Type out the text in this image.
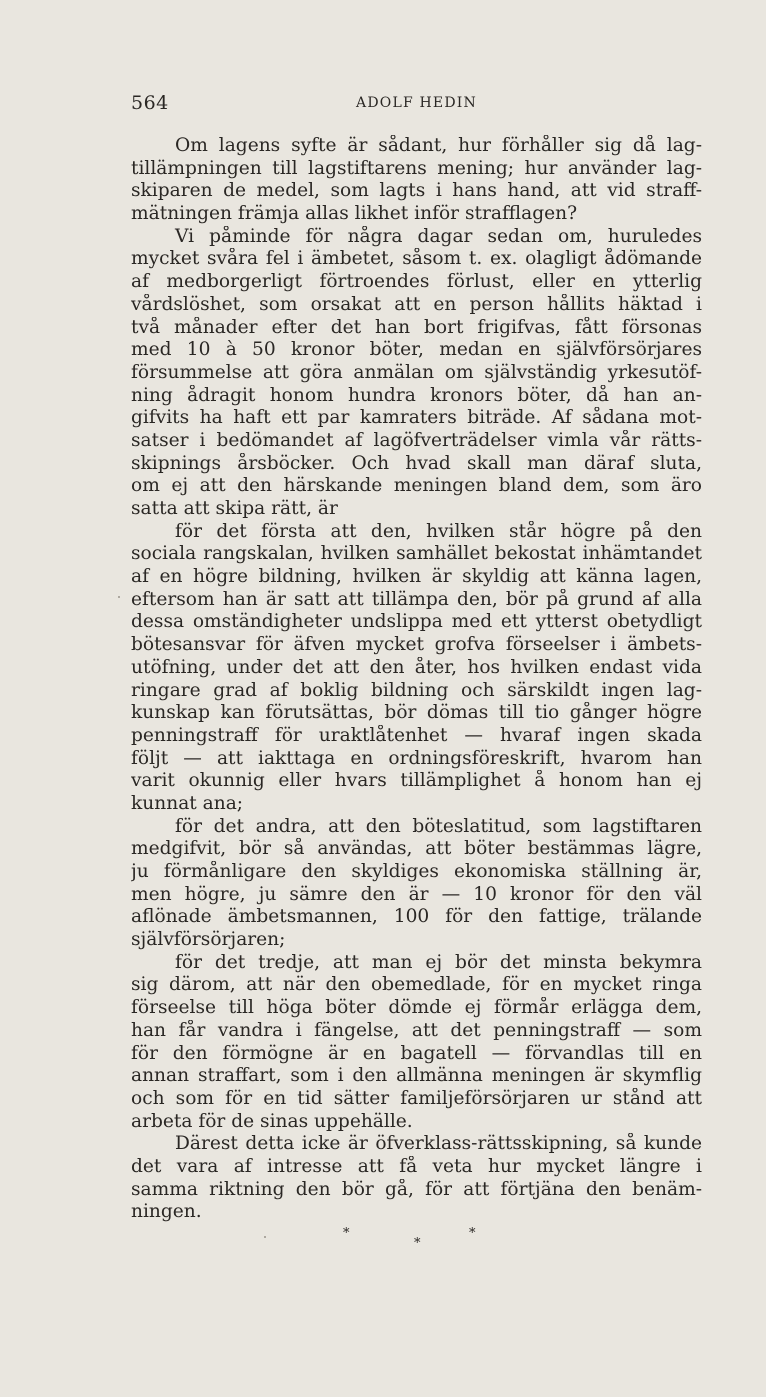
564	ADOLF HEDIN
Om lagens syfte är sådant, hur förhåller sig då lag-
tillämpningen till lagstiftarens mening; hur använder lag-
skiparen de medel, som lagts i hans hand, att vid straff-
mätningen främja allas likhet inför strafflagen?
Vi påminde för några dagar sedan om, huruledes
mycket svåra fel i ämbetet, såsom t. ex. olagligt ådömande
af medborgerligt förtroendes förlust, eller en ytterlig
vårdslöshet, som orsakat att en person hållits häktad i
två månader efter det han bort frigifvas, fått försonas
med 10 à 50 kronor böter, medan en självförsörjares
försummelse att göra anmälan om självständig yrkesutöf-
ning ådragit honom hundra kronors böter, då han an-
gifvits ha haft ett par kamraters biträde. Af sådana mot-
satser i bedömandet af lagöfverträdelser vimla vår rätts-
skipnings årsböcker. Och hvad skall man däraf sluta,
om ej att den härskande meningen bland dem, som äro
satta att skipa rätt, är
för det första att den, hvilken står högre på den
sociala rangskalan, hvilken samhället bekostat inhämtandet
af en högre bildning, hvilken är skyldig att känna lagen,
eftersom han är satt att tillämpa den, bör på grund af alla
dessa omständigheter undslippa med ett ytterst obetydligt
bötesansvar för äfven mycket grofva förseelser i ämbets-
utöfning, under det att den åter, hos hvilken endast vida
ringare grad af boklig bildning och särskildt ingen lag-
kunskap kan förutsättas, bör dömas till tio gånger högre
penningstraff för uraktlåtenhet — hvaraf ingen skada
följt — att iakttaga en ordningsföreskrift, hvarom han
varit okunnig eller hvars tillämplighet å honom han ej
kunnat ana;
för det andra, att den böteslatitud, som lagstiftaren
medgifvit, bör så användas, att böter bestämmas lägre,
ju förmånligare den skyldiges ekonomiska ställning är,
men högre, ju sämre den är — 10 kronor för den väl
aflönade ämbetsmannen, 100 för den fattige, trälande
självförsörjaren;
för det tredje, att man ej bör det minsta bekymra
sig därom, att när den obemedlade, för en mycket ringa
förseelse till höga böter dömde ej förmår erlägga dem,
han får vandra i fängelse, att det penningstraff — som
för den förmögne är en bagatell — förvandlas till en
annan straffart, som i den allmänna meningen är skymflig
och som för en tid sätter familjeförsörjaren ur stånd att
arbeta för de sinas uppehälle.
Därest detta icke är öfverklass-rättsskipning, så kunde
det vara af intresse att få veta hur mycket längre i
samma riktning den bör gå, för att förtjäna den benäm-
ningen.
*
*
*
